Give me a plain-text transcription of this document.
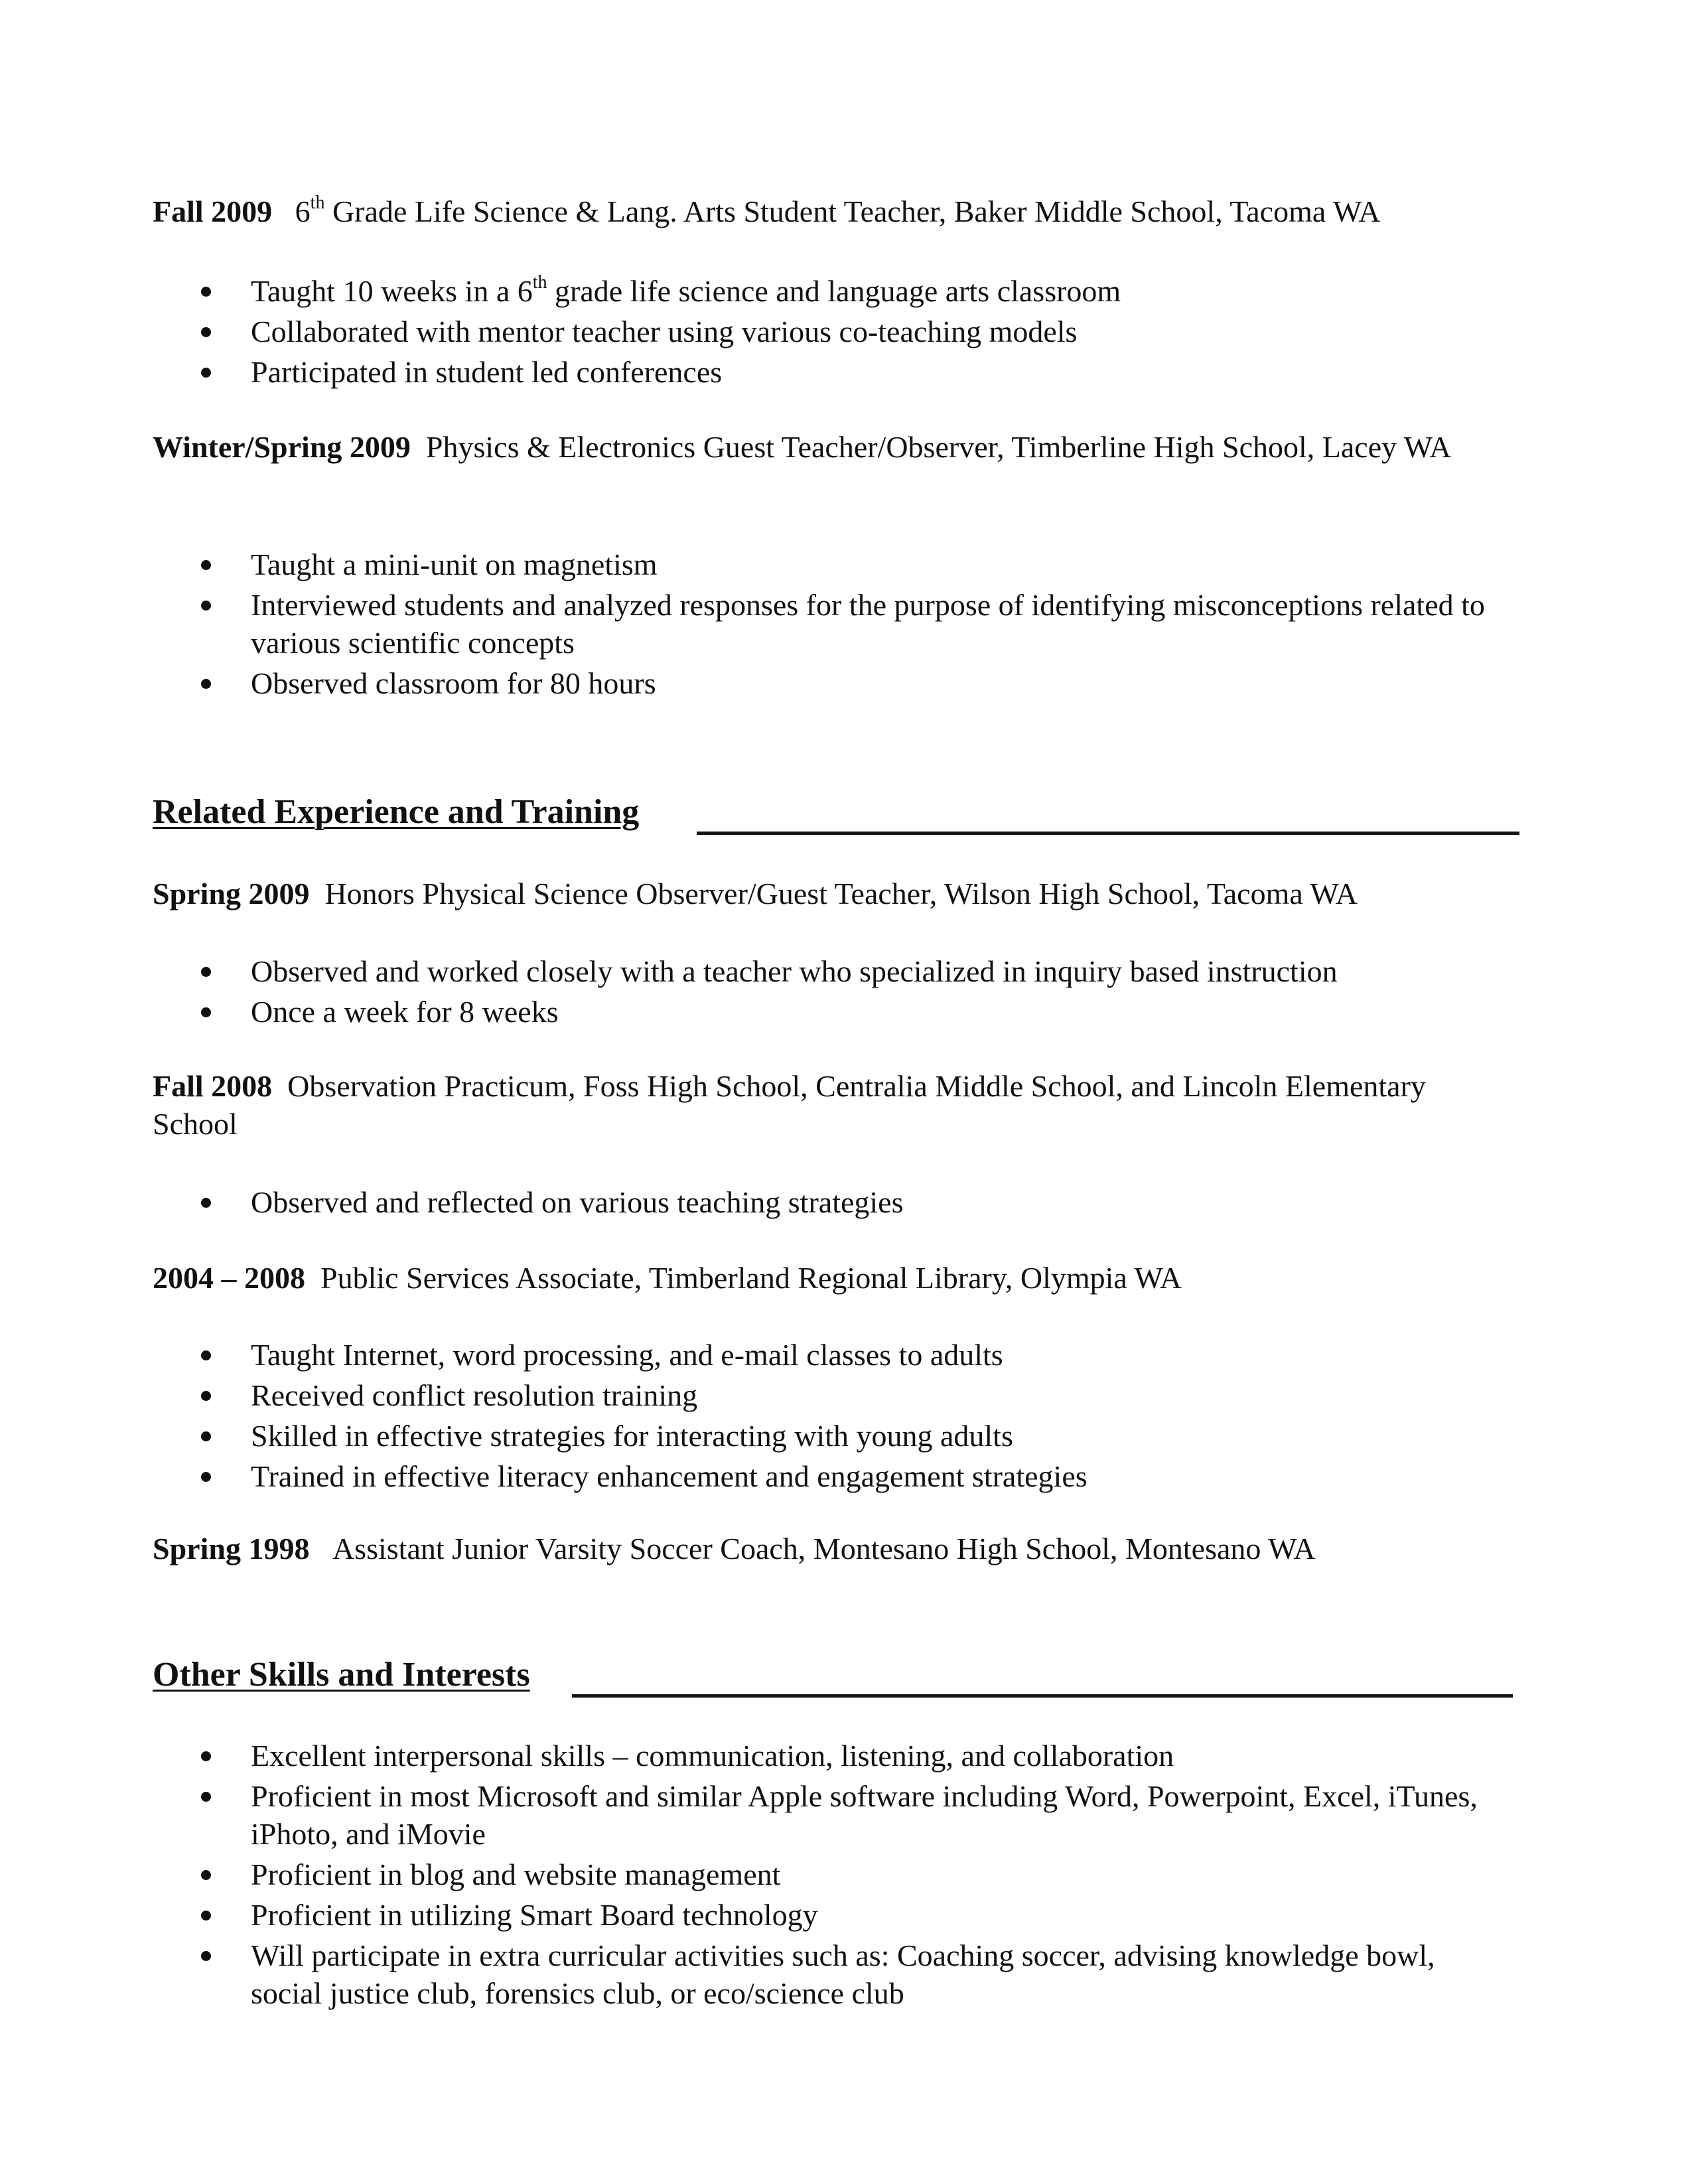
Fall 2009 6th Grade Life Science & Lang. Arts Student Teacher, Baker Middle School, Tacoma WA

Taught 10 weeks in a 6th grade life science and language arts classroom
Collaborated with mentor teacher using various co-teaching models
Participated in student led conferences

Winter/Spring 2009 Physics & Electronics Guest Teacher/Observer, Timberline High School, Lacey WA

Taught a mini-unit on magnetism
Interviewed students and analyzed responses for the purpose of identifying misconceptions related to various scientific concepts
Observed classroom for 80 hours
Related Experience and Training

Spring 2009 Honors Physical Science Observer/Guest Teacher, Wilson High School, Tacoma WA

Observed and worked closely with a teacher who specialized in inquiry based instruction
Once a week for 8 weeks

Fall 2008 Observation Practicum, Foss High School, Centralia Middle School, and Lincoln Elementary School

Observed and reflected on various teaching strategies

2004 – 2008 Public Services Associate, Timberland Regional Library, Olympia WA

Taught Internet, word processing, and e-mail classes to adults
Received conflict resolution training
Skilled in effective strategies for interacting with young adults
Trained in effective literacy enhancement and engagement strategies

Spring 1998 Assistant Junior Varsity Soccer Coach, Montesano High School, Montesano WA

Other Skills and Interests
Excellent interpersonal skills – communication, listening, and collaboration
Proficient in most Microsoft and similar Apple software including Word, Powerpoint, Excel, iTunes, iPhoto, and iMovie
Proficient in blog and website management
Proficient in utilizing Smart Board technology
Will participate in extra curricular activities such as: Coaching soccer, advising knowledge bowl, social justice club, forensics club, or eco/science club
